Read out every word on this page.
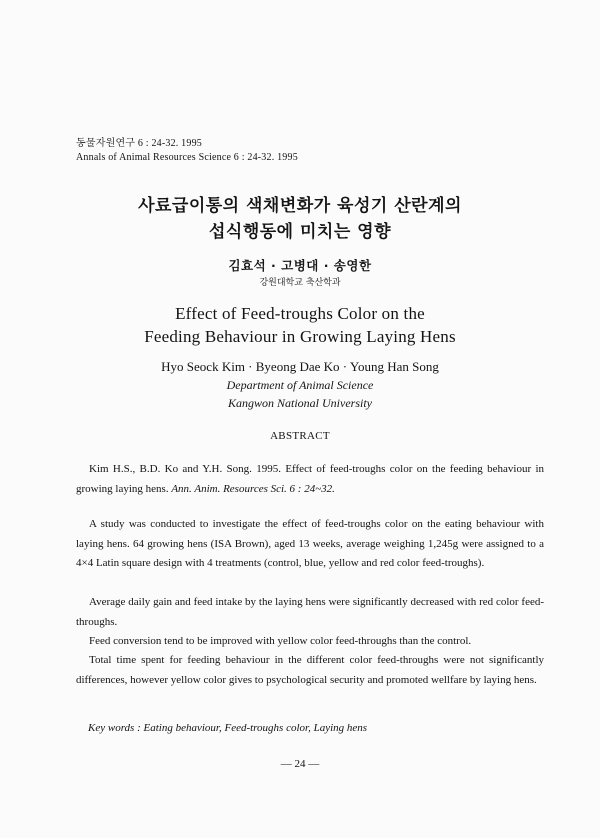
동물자원연구 6 : 24-32. 1995
Annals of Animal Resources Science 6 : 24-32. 1995
사료급이통의 색채변화가 육성기 산란계의
섭식행동에 미치는 영향
김효석 · 고병대 · 송영한
강원대학교 축산학과
Effect of Feed-troughs Color on the
Feeding Behaviour in Growing Laying Hens
Hyo Seock Kim · Byeong Dae Ko · Young Han Song
Department of Animal Science
Kangwon National University
ABSTRACT

Kim H.S., B.D. Ko and Y.H. Song. 1995. Effect of feed-troughs color on the feeding behaviour in growing laying hens. Ann. Anim. Resources Sci. 6 : 24~32.

A study was conducted to investigate the effect of feed-troughs color on the eating behaviour with laying hens. 64 growing hens (ISA Brown), aged 13 weeks, average weighing 1,245g were assigned to a 4×4 Latin square design with 4 treatments (control, blue, yellow and red color feed-troughs).

Average daily gain and feed intake by the laying hens were significantly decreased with red color feed-throughs.

Feed conversion tend to be improved with yellow color feed-throughs than the control.

Total time spent for feeding behaviour in the different color feed-throughs were not significantly differences, however yellow color gives to psychological security and promoted wellfare by laying hens.

Key words : Eating behaviour, Feed-troughs color, Laying hens
— 24 —
